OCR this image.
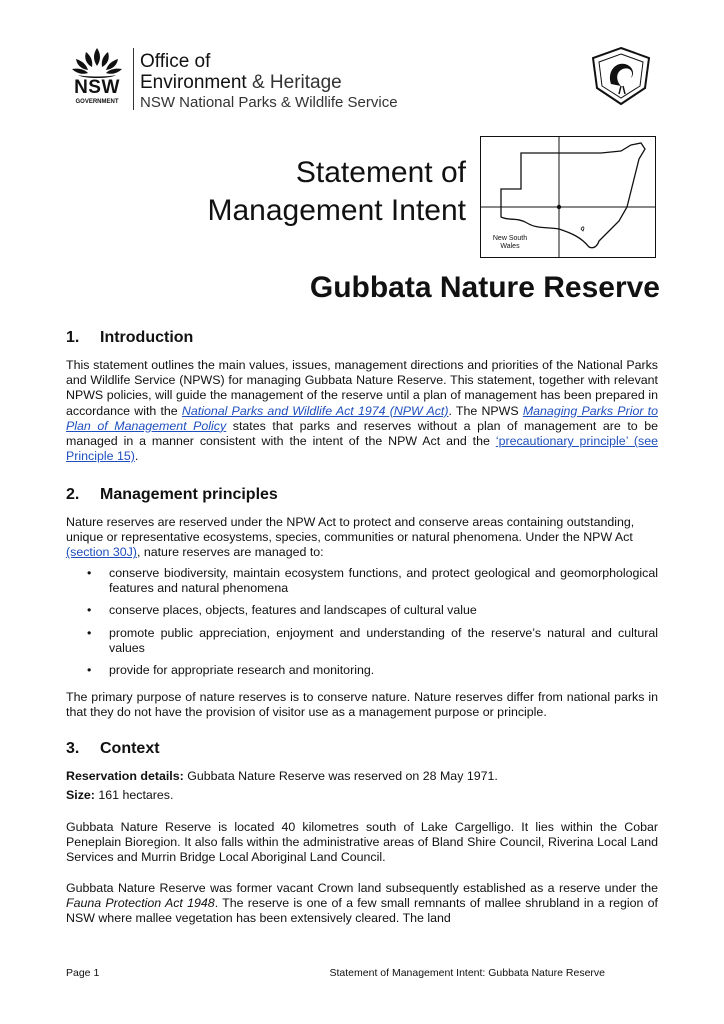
NSW
GOVERNMENT
Office of
Environment & Heritage
NSW National Parks & Wildlife Service
Statement of
Management Intent
New South Wales
Gubbata Nature Reserve
1. Introduction
This statement outlines the main values, issues, management directions and priorities of the National Parks and Wildlife Service (NPWS) for managing Gubbata Nature Reserve. This statement, together with relevant NPWS policies, will guide the management of the reserve until a plan of management has been prepared in accordance with the National Parks and Wildlife Act 1974 (NPW Act). The NPWS Managing Parks Prior to Plan of Management Policy states that parks and reserves without a plan of management are to be managed in a manner consistent with the intent of the NPW Act and the ‘precautionary principle’ (see Principle 15).
2. Management principles
Nature reserves are reserved under the NPW Act to protect and conserve areas containing outstanding, unique or representative ecosystems, species, communities or natural phenomena. Under the NPW Act (section 30J), nature reserves are managed to:
• conserve biodiversity, maintain ecosystem functions, and protect geological and geomorphological features and natural phenomena
• conserve places, objects, features and landscapes of cultural value
• promote public appreciation, enjoyment and understanding of the reserve’s natural and cultural values
• provide for appropriate research and monitoring.
The primary purpose of nature reserves is to conserve nature. Nature reserves differ from national parks in that they do not have the provision of visitor use as a management purpose or principle.
3. Context
Reservation details: Gubbata Nature Reserve was reserved on 28 May 1971.
Size: 161 hectares.
Gubbata Nature Reserve is located 40 kilometres south of Lake Cargelligo. It lies within the Cobar Peneplain Bioregion. It also falls within the administrative areas of Bland Shire Council, Riverina Local Land Services and Murrin Bridge Local Aboriginal Land Council.
Gubbata Nature Reserve was former vacant Crown land subsequently established as a reserve under the Fauna Protection Act 1948. The reserve is one of a few small remnants of mallee shrubland in a region of NSW where mallee vegetation has been extensively cleared. The land
Page 1	Statement of Management Intent: Gubbata Nature Reserve
